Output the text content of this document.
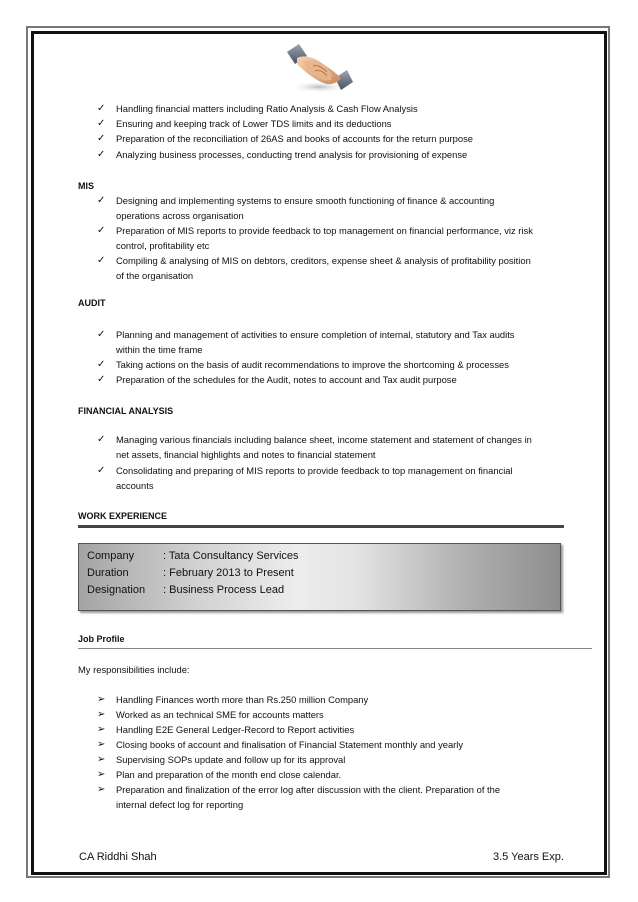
✓ Handling financial matters including Ratio Analysis & Cash Flow Analysis
✓ Ensuring and keeping track of Lower TDS limits and its deductions
✓ Preparation of the reconciliation of 26AS and books of accounts for the return purpose
✓ Analyzing business processes, conducting trend analysis for provisioning of expense
MIS
✓ Designing and implementing systems to ensure smooth functioning of finance & accounting
operations across organisation
✓ Preparation of MIS reports to provide feedback to top management on financial performance, viz risk
control, profitability etc
✓ Compiling & analysing of MIS on debtors, creditors, expense sheet & analysis of profitability position
of the organisation
AUDIT
✓ Planning and management of activities to ensure completion of internal, statutory and Tax audits
within the time frame
✓ Taking actions on the basis of audit recommendations to improve the shortcoming & processes
✓ Preparation of the schedules for the Audit, notes to account and Tax audit purpose
FINANCIAL ANALYSIS
✓ Managing various financials including balance sheet, income statement and statement of changes in
net assets, financial highlights and notes to financial statement
✓ Consolidating and preparing of MIS reports to provide feedback to top management on financial
accounts
➢ Handling Finances worth more than Rs.250 million Company
➢ Worked as an technical SME for accounts matters
➢ Handling E2E General Ledger-Record to Report activities
➢ Closing books of account and finalisation of Financial Statement monthly and yearly
➢ Supervising SOPs update and follow up for its approval
➢ Plan and preparation of the month end close calendar.
➢ Preparation and finalization of the error log after discussion with the client. Preparation of the
internal defect log for reporting
WORK EXPERIENCE
Company	: Tata Consultancy Services
Duration	: February 2013 to Present
Designation : Business Process Lead
Job Profile
My responsibilities include:
CA Riddhi Shah	3.5 Years Exp.
